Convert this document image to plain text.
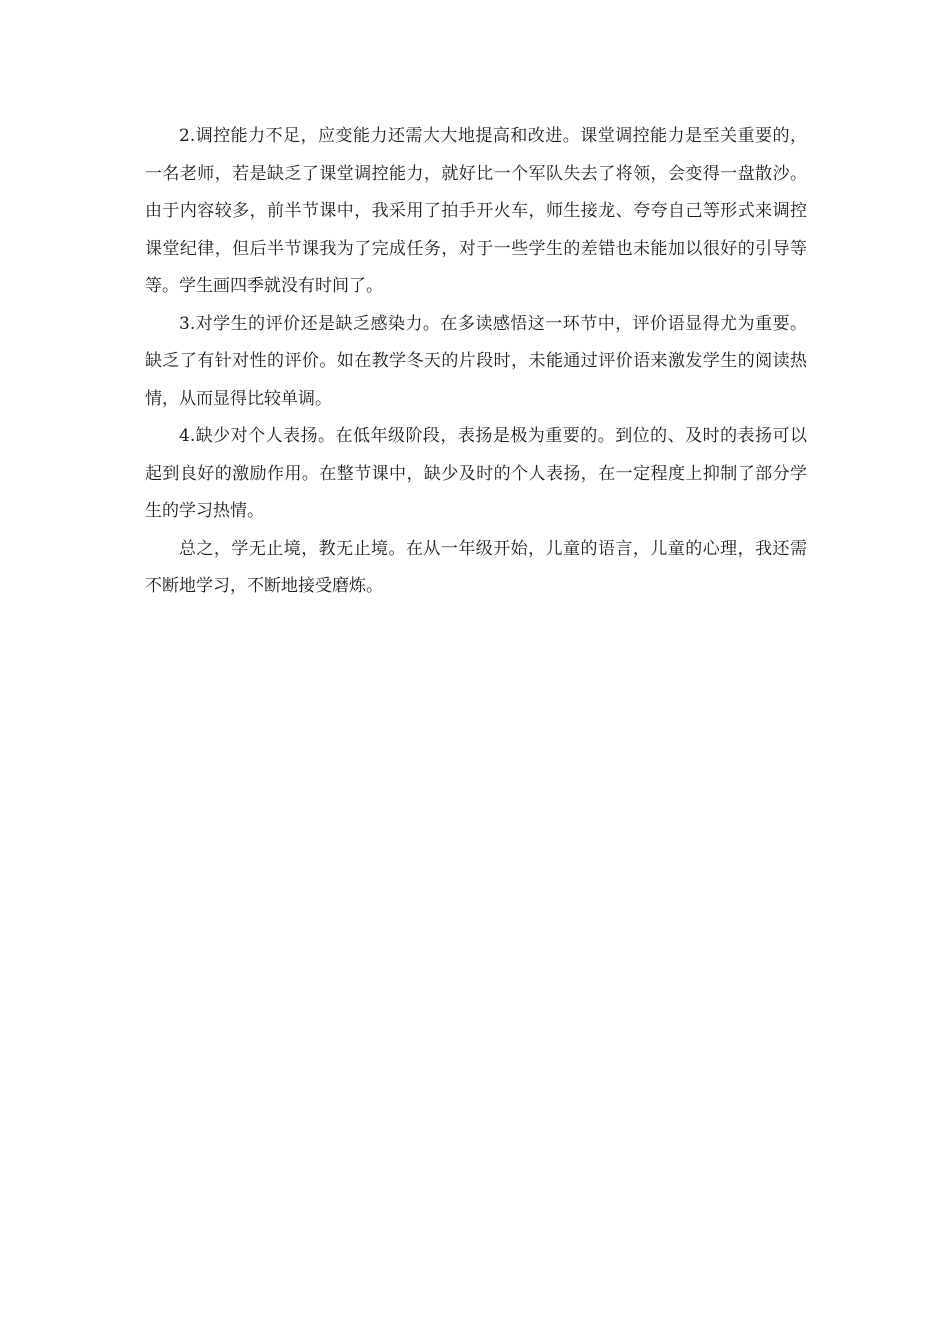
2.调控能力不足，应变能力还需大大地提高和改进。课堂调控能力是至关重要的，一名老师，若是缺乏了课堂调控能力，就好比一个军队失去了将领，会变得一盘散沙。由于内容较多，前半节课中，我采用了拍手开火车，师生接龙、夸夸自己等形式来调控课堂纪律，但后半节课我为了完成任务，对于一些学生的差错也未能加以很好的引导等等。学生画四季就没有时间了。

3.对学生的评价还是缺乏感染力。在多读感悟这一环节中，评价语显得尤为重要。缺乏了有针对性的评价。如在教学冬天的片段时，未能通过评价语来激发学生的阅读热情，从而显得比较单调。

4.缺少对个人表扬。在低年级阶段，表扬是极为重要的。到位的、及时的表扬可以起到良好的激励作用。在整节课中，缺少及时的个人表扬，在一定程度上抑制了部分学生的学习热情。

总之，学无止境，教无止境。在从一年级开始，儿童的语言，儿童的心理，我还需不断地学习，不断地接受磨炼。
